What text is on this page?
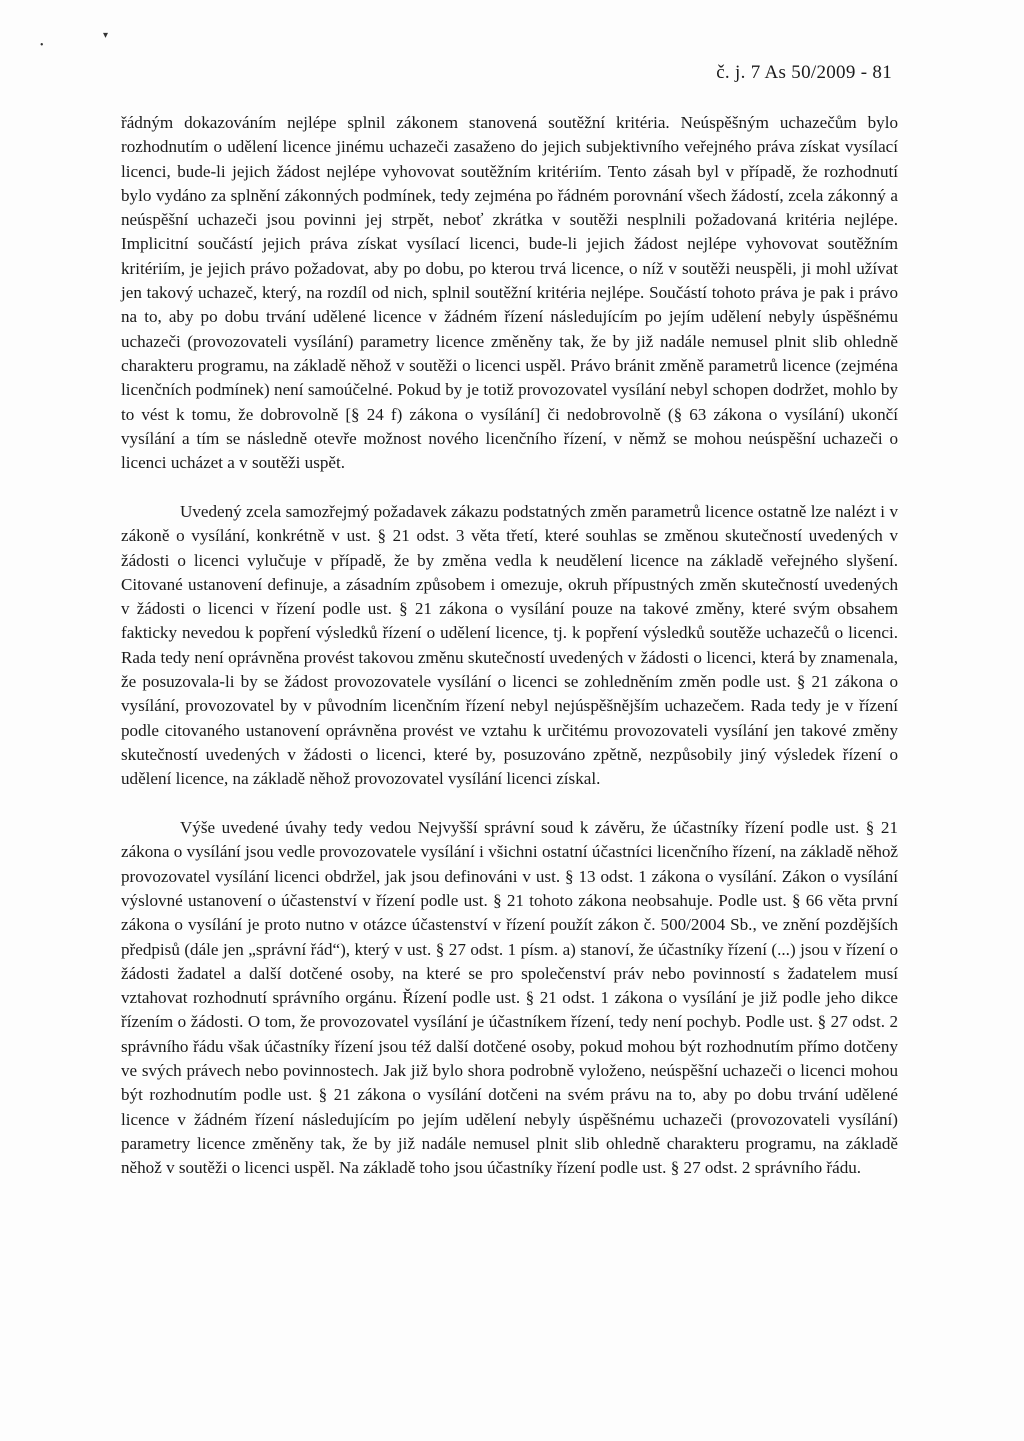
•
▾
č. j. 7 As 50/2009 - 81

řádným dokazováním nejlépe splnil zákonem stanovená soutěžní kritéria. Neúspěšným uchazečům bylo rozhodnutím o udělení licence jinému uchazeči zasaženo do jejich subjektivního veřejného práva získat vysílací licenci, bude-li jejich žádost nejlépe vyhovovat soutěžním kritériím. Tento zásah byl v případě, že rozhodnutí bylo vydáno za splnění zákonných podmínek, tedy zejména po řádném porovnání všech žádostí, zcela zákonný a neúspěšní uchazeči jsou povinni jej strpět, neboť zkrátka v soutěži nesplnili požadovaná kritéria nejlépe. Implicitní součástí jejich práva získat vysílací licenci, bude-li jejich žádost nejlépe vyhovovat soutěžním kritériím, je jejich právo požadovat, aby po dobu, po kterou trvá licence, o níž v soutěži neuspěli, ji mohl užívat jen takový uchazeč, který, na rozdíl od nich, splnil soutěžní kritéria nejlépe. Součástí tohoto práva je pak i právo na to, aby po dobu trvání udělené licence v žádném řízení následujícím po jejím udělení nebyly úspěšnému uchazeči (provozovateli vysílání) parametry licence změněny tak, že by již nadále nemusel plnit slib ohledně charakteru programu, na základě něhož v soutěži o licenci uspěl. Právo bránit změně parametrů licence (zejména licenčních podmínek) není samoúčelné. Pokud by je totiž provozovatel vysílání nebyl schopen dodržet, mohlo by to vést k tomu, že dobrovolně [§ 24 f) zákona o vysílání] či nedobrovolně (§ 63 zákona o vysílání) ukončí vysílání a tím se následně otevře možnost nového licenčního řízení, v němž se mohou neúspěšní uchazeči o licenci ucházet a v soutěži uspět.

Uvedený zcela samozřejmý požadavek zákazu podstatných změn parametrů licence ostatně lze nalézt i v zákoně o vysílání, konkrétně v ust. § 21 odst. 3 věta třetí, které souhlas se změnou skutečností uvedených v žádosti o licenci vylučuje v případě, že by změna vedla k neudělení licence na základě veřejného slyšení. Citované ustanovení definuje, a zásadním způsobem i omezuje, okruh přípustných změn skutečností uvedených v žádosti o licenci v řízení podle ust. § 21 zákona o vysílání pouze na takové změny, které svým obsahem fakticky nevedou k popření výsledků řízení o udělení licence, tj. k popření výsledků soutěže uchazečů o licenci. Rada tedy není oprávněna provést takovou změnu skutečností uvedených v žádosti o licenci, která by znamenala, že posuzovala-li by se žádost provozovatele vysílání o licenci se zohledněním změn podle ust. § 21 zákona o vysílání, provozovatel by v původním licenčním řízení nebyl nejúspěšnějším uchazečem. Rada tedy je v řízení podle citovaného ustanovení oprávněna provést ve vztahu k určitému provozovateli vysílání jen takové změny skutečností uvedených v žádosti o licenci, které by, posuzováno zpětně, nezpůsobily jiný výsledek řízení o udělení licence, na základě něhož provozovatel vysílání licenci získal.

Výše uvedené úvahy tedy vedou Nejvyšší správní soud k závěru, že účastníky řízení podle ust. § 21 zákona o vysílání jsou vedle provozovatele vysílání i všichni ostatní účastníci licenčního řízení, na základě něhož provozovatel vysílání licenci obdržel, jak jsou definováni v ust. § 13 odst. 1 zákona o vysílání. Zákon o vysílání výslovné ustanovení o účastenství v řízení podle ust. § 21 tohoto zákona neobsahuje. Podle ust. § 66 věta první zákona o vysílání je proto nutno v otázce účastenství v řízení použít zákon č. 500/2004 Sb., ve znění pozdějších předpisů (dále jen „správní řád“), který v ust. § 27 odst. 1 písm. a) stanoví, že účastníky řízení (...) jsou v řízení o žádosti žadatel a další dotčené osoby, na které se pro společenství práv nebo povinností s žadatelem musí vztahovat rozhodnutí správního orgánu. Řízení podle ust. § 21 odst. 1 zákona o vysílání je již podle jeho dikce řízením o žádosti. O tom, že provozovatel vysílání je účastníkem řízení, tedy není pochyb. Podle ust. § 27 odst. 2 správního řádu však účastníky řízení jsou též další dotčené osoby, pokud mohou být rozhodnutím přímo dotčeny ve svých právech nebo povinnostech. Jak již bylo shora podrobně vyloženo, neúspěšní uchazeči o licenci mohou být rozhodnutím podle ust. § 21 zákona o vysílání dotčeni na svém právu na to, aby po dobu trvání udělené licence v žádném řízení následujícím po jejím udělení nebyly úspěšnému uchazeči (provozovateli vysílání) parametry licence změněny tak, že by již nadále nemusel plnit slib ohledně charakteru programu, na základě něhož v soutěži o licenci uspěl. Na základě toho jsou účastníky řízení podle ust. § 27 odst. 2 správního řádu.
